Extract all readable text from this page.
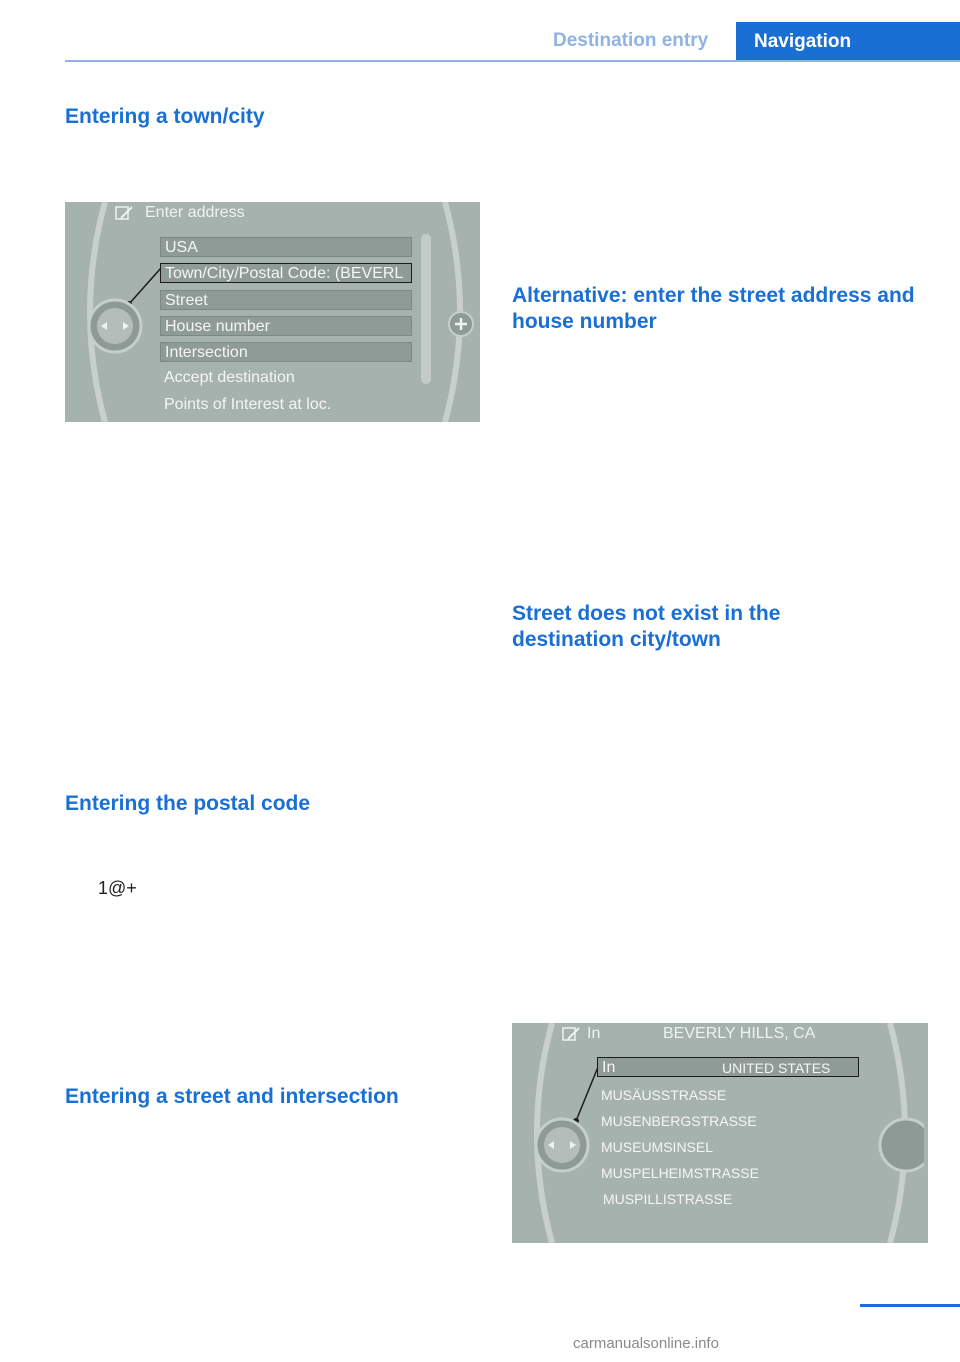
Destination entry Navigation
Entering a town/city
Alternative: enter the street address and house number
Street does not exist in the destination city/town
Entering the postal code
Entering a street and intersection
1@+
Enter address
USA
Town/City/Postal Code: (BEVERL
Street
House number
Intersection
Accept destination
Points of Interest at loc.
In	BEVERLY HILLS, CA
In	UNITED STATES
MUSÄUSSTRASSE
MUSENBERGSTRASSE
MUSEUMSINSEL
MUSPELHEIMSTRASSE
MUSPILLISTRASSE
carmanualsonline.info
